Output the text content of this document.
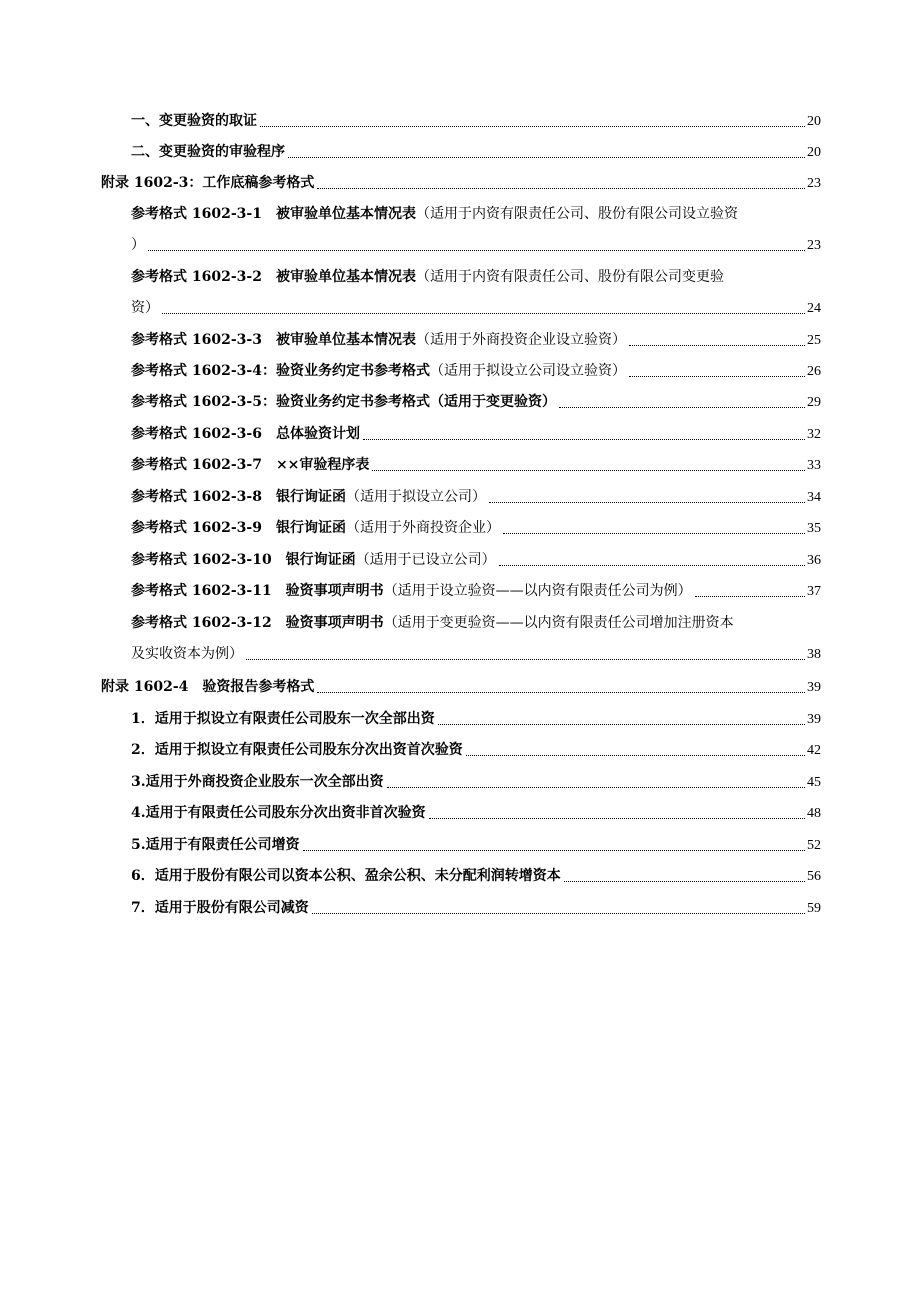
一、变更验资的取证	20
二、变更验资的审验程序	20
附录 1602-3：工作底稿参考格式	23
参考格式 1602-3-1　被审验单位基本情况表（适用于内资有限责任公司、股份有限公司设立验资
）	23
参考格式 1602-3-2　被审验单位基本情况表（适用于内资有限责任公司、股份有限公司变更验
资）	24
参考格式 1602-3-3　被审验单位基本情况表（适用于外商投资企业设立验资）	25
参考格式 1602-3-4：验资业务约定书参考格式（适用于拟设立公司设立验资）	26
参考格式 1602-3-5：验资业务约定书参考格式（适用于变更验资）	29
参考格式 1602-3-6　总体验资计划	32
参考格式 1602-3-7　××审验程序表	33
参考格式 1602-3-8　银行询证函（适用于拟设立公司）	34
参考格式 1602-3-9　银行询证函（适用于外商投资企业）	35
参考格式 1602-3-10　银行询证函（适用于已设立公司）	36
参考格式 1602-3-11　验资事项声明书（适用于设立验资——以内资有限责任公司为例）	37
参考格式 1602-3-12　验资事项声明书（适用于变更验资——以内资有限责任公司增加注册资本
及实收资本为例）	38
附录 1602-4　验资报告参考格式	39
1．适用于拟设立有限责任公司股东一次全部出资	39
2．适用于拟设立有限责任公司股东分次出资首次验资	42
3.适用于外商投资企业股东一次全部出资	45
4.适用于有限责任公司股东分次出资非首次验资	48
5.适用于有限责任公司增资	52
6．适用于股份有限公司以资本公积、盈余公积、未分配利润转增资本	56
7．适用于股份有限公司减资	59
